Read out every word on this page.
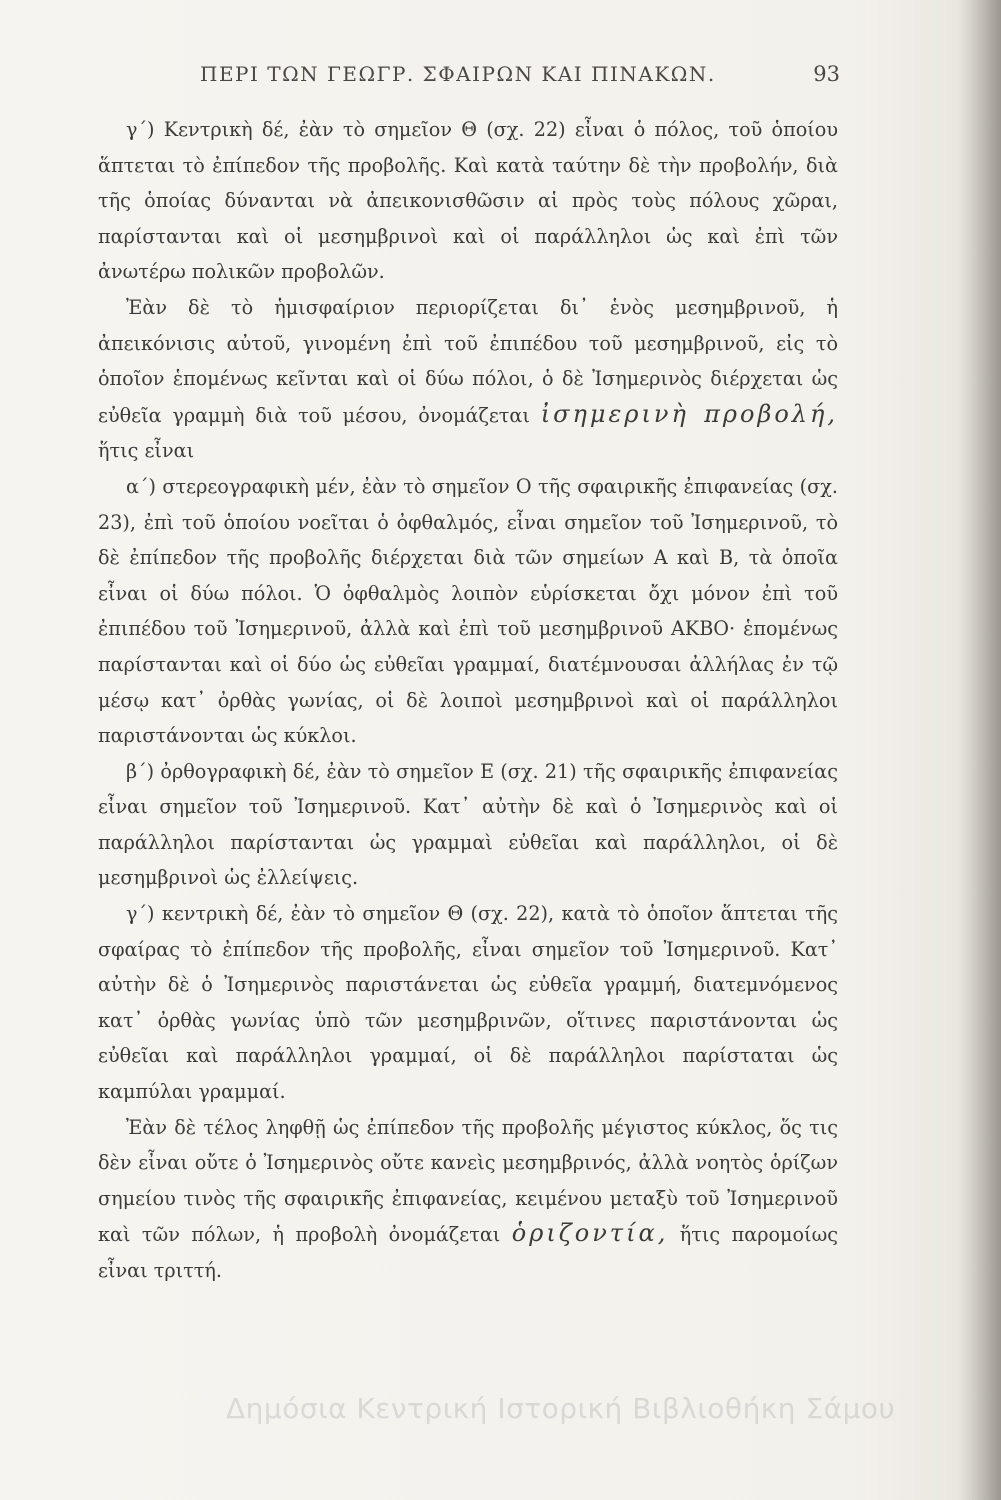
ΠΕΡΙ ΤΩΝ ΓΕΩΓΡ. ΣΦΑΙΡΩΝ ΚΑΙ ΠΙΝΑΚΩΝ.	93

γ΄) Κεντρικὴ δέ, ἐὰν τὸ σημεῖον Θ (σχ. 22) εἶναι ὁ πόλος, τοῦ ὁποίου ἅπτεται τὸ ἐπίπεδον τῆς προβολῆς. Καὶ κατὰ ταύτην δὲ τὴν προβολήν, διὰ τῆς ὁποίας δύνανται νὰ ἀπεικονισθῶσιν αἱ πρὸς τοὺς πόλους χῶραι, παρίστανται καὶ οἱ μεσημβρινοὶ καὶ οἱ παράλληλοι ὡς καὶ ἐπὶ τῶν ἀνωτέρω πολικῶν προβολῶν.

Ἐὰν δὲ τὸ ἡμισφαίριον περιορίζεται δι᾽ ἑνὸς μεσημβρινοῦ, ἡ ἀπεικόνισις αὐτοῦ, γινομένη ἐπὶ τοῦ ἐπιπέδου τοῦ μεσημβρινοῦ, εἰς τὸ ὁποῖον ἑπομένως κεῖνται καὶ οἱ δύω πόλοι, ὁ δὲ Ἰσημερινὸς διέρχεται ὡς εὐθεῖα γραμμὴ διὰ τοῦ μέσου, ὀνομάζεται ἰσημερινὴ προβολή, ἥτις εἶναι

α΄) στερεογραφικὴ μέν, ἐὰν τὸ σημεῖον Ο τῆς σφαιρικῆς ἐπιφανείας (σχ. 23), ἐπὶ τοῦ ὁποίου νοεῖται ὁ ὀφθαλμός, εἶναι σημεῖον τοῦ Ἰσημερινοῦ, τὸ δὲ ἐπίπεδον τῆς προβολῆς διέρχεται διὰ τῶν σημείων Α καὶ Β, τὰ ὁποῖα εἶναι οἱ δύω πόλοι. Ὁ ὀφθαλμὸς λοιπὸν εὑρίσκεται ὄχι μόνον ἐπὶ τοῦ ἐπιπέδου τοῦ Ἰσημερινοῦ, ἀλλὰ καὶ ἐπὶ τοῦ μεσημβρινοῦ ΑΚΒΟ· ἑπομένως παρίστανται καὶ οἱ δύο ὡς εὐθεῖαι γραμμαί, διατέμνουσαι ἀλλήλας ἐν τῷ μέσῳ κατ᾽ ὀρθὰς γωνίας, οἱ δὲ λοιποὶ μεσημβρινοὶ καὶ οἱ παράλληλοι παριστάνονται ὡς κύκλοι.

β΄) ὀρθογραφικὴ δέ, ἐὰν τὸ σημεῖον Ε (σχ. 21) τῆς σφαιρικῆς ἐπιφανείας εἶναι σημεῖον τοῦ Ἰσημερινοῦ. Κατ᾽ αὐτὴν δὲ καὶ ὁ Ἰσημερινὸς καὶ οἱ παράλληλοι παρίστανται ὡς γραμμαὶ εὐθεῖαι καὶ παράλληλοι, οἱ δὲ μεσημβρινοὶ ὡς ἐλλείψεις.

γ΄) κεντρικὴ δέ, ἐὰν τὸ σημεῖον Θ (σχ. 22), κατὰ τὸ ὁποῖον ἅπτεται τῆς σφαίρας τὸ ἐπίπεδον τῆς προβολῆς, εἶναι σημεῖον τοῦ Ἰσημερινοῦ. Κατ᾽ αὐτὴν δὲ ὁ Ἰσημερινὸς παριστάνεται ὡς εὐθεῖα γραμμή, διατεμνόμενος κατ᾽ ὀρθὰς γωνίας ὑπὸ τῶν μεσημβρινῶν, οἵτινες παριστάνονται ὡς εὐθεῖαι καὶ παράλληλοι γραμμαί, οἱ δὲ παράλληλοι παρίσταται ὡς καμπύλαι γραμμαί.

Ἐὰν δὲ τέλος ληφθῇ ὡς ἐπίπεδον τῆς προβολῆς μέγιστος κύκλος, ὅς τις δὲν εἶναι οὔτε ὁ Ἰσημερινὸς οὔτε κανεὶς μεσημβρινός, ἀλλὰ νοητὸς ὁρίζων σημείου τινὸς τῆς σφαιρικῆς ἐπιφανείας, κειμένου μεταξὺ τοῦ Ἰσημερινοῦ καὶ τῶν πόλων, ἡ προβολὴ ὀνομάζεται ὁριζοντία, ἥτις παρομοίως εἶναι τριττή.

Δημόσια Κεντρική Ιστορική Βιβλιοθήκη Σάμου
